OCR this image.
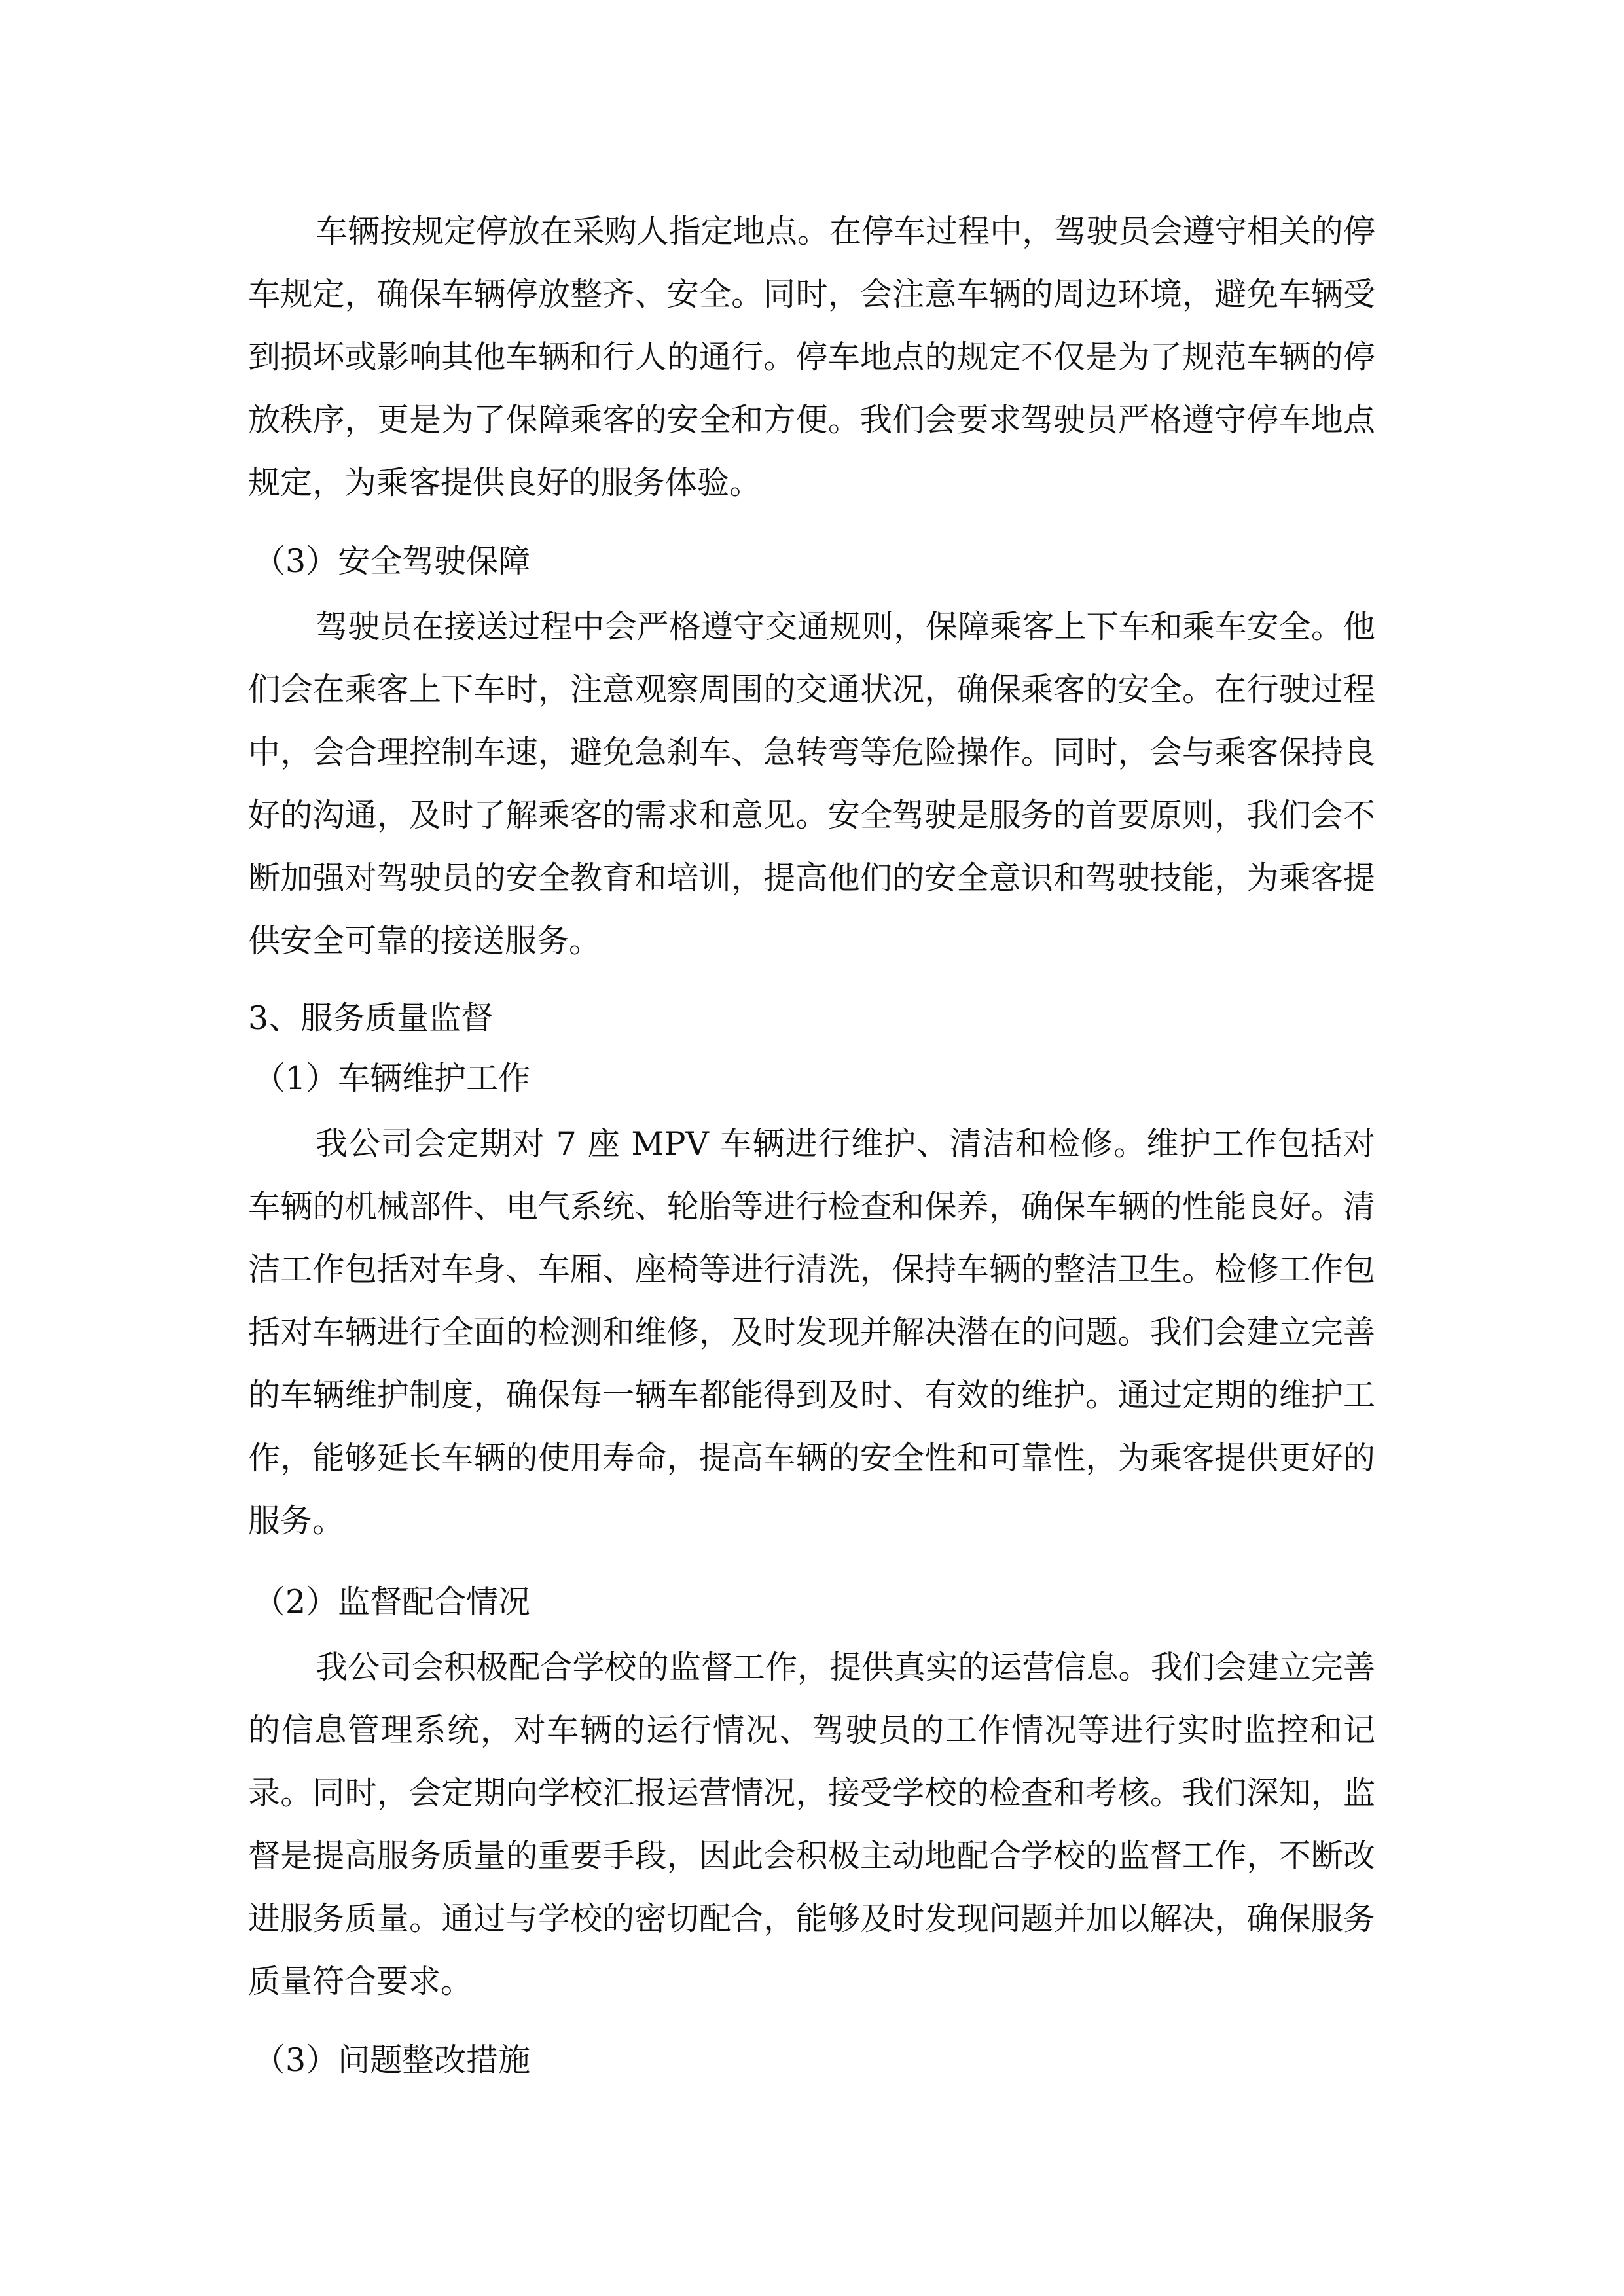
车辆按规定停放在采购人指定地点。在停车过程中，驾驶员会遵守相关的停车规定，确保车辆停放整齐、安全。同时，会注意车辆的周边环境，避免车辆受到损坏或影响其他车辆和行人的通行。停车地点的规定不仅是为了规范车辆的停放秩序，更是为了保障乘客的安全和方便。我们会要求驾驶员严格遵守停车地点规定，为乘客提供良好的服务体验。

（3）安全驾驶保障

驾驶员在接送过程中会严格遵守交通规则，保障乘客上下车和乘车安全。他们会在乘客上下车时，注意观察周围的交通状况，确保乘客的安全。在行驶过程中，会合理控制车速，避免急刹车、急转弯等危险操作。同时，会与乘客保持良好的沟通，及时了解乘客的需求和意见。安全驾驶是服务的首要原则，我们会不断加强对驾驶员的安全教育和培训，提高他们的安全意识和驾驶技能，为乘客提供安全可靠的接送服务。

3、服务质量监督

（1）车辆维护工作

我公司会定期对 7 座 MPV 车辆进行维护、清洁和检修。维护工作包括对车辆的机械部件、电气系统、轮胎等进行检查和保养，确保车辆的性能良好。清洁工作包括对车身、车厢、座椅等进行清洗，保持车辆的整洁卫生。检修工作包括对车辆进行全面的检测和维修，及时发现并解决潜在的问题。我们会建立完善的车辆维护制度，确保每一辆车都能得到及时、有效的维护。通过定期的维护工作，能够延长车辆的使用寿命，提高车辆的安全性和可靠性，为乘客提供更好的服务。

（2）监督配合情况

我公司会积极配合学校的监督工作，提供真实的运营信息。我们会建立完善的信息管理系统，对车辆的运行情况、驾驶员的工作情况等进行实时监控和记录。同时，会定期向学校汇报运营情况，接受学校的检查和考核。我们深知，监督是提高服务质量的重要手段，因此会积极主动地配合学校的监督工作，不断改进服务质量。通过与学校的密切配合，能够及时发现问题并加以解决，确保服务质量符合要求。

（3）问题整改措施
